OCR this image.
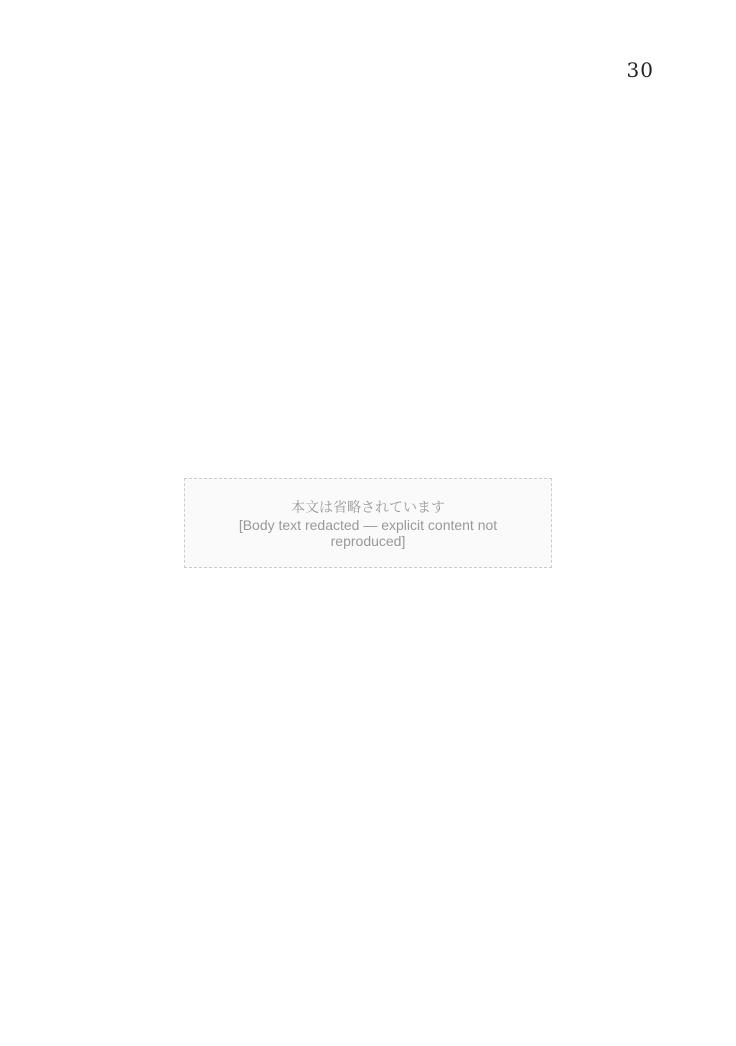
30
本文は省略されています
[Body text redacted — explicit content not reproduced]
